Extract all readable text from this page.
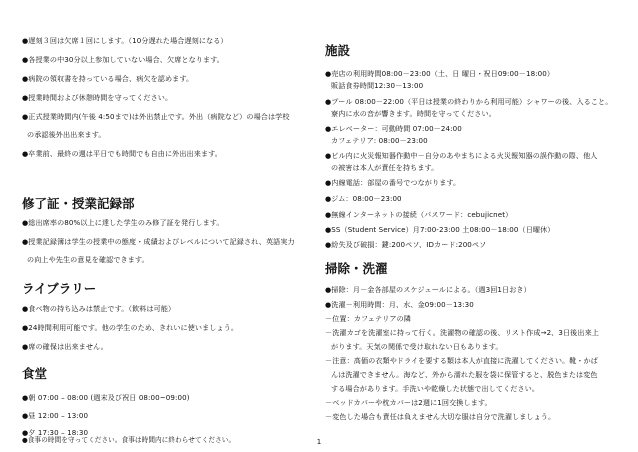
●遅刻３回は欠席１回にします。（10分遅れた場合遅刻になる）
●各授業の中30分以上参加していない場合、欠席となります。
●病院の領収書を持っている場合、病欠を認めます。
●授業時間および休憩時間を守ってください。
●正式授業時間内(午後 4:50まで)は外出禁止です。外出（病院など）の場合は学校
の承認後外出出来ます。
●卒業前、最終の週は平日でも時間でも自由に外出出来ます。
修了証・授業記録部
●総出席率の80%以上に達した学生のみ修了証を発行します。
●授業記録簿は学生の授業中の態度・成績およびレベルについて記録され、英語実力
の向上や先生の意見を確認できます。
ライブラリー
●食べ物の持ち込みは禁止です。（飲料は可能）
●24時間利用可能です。他の学生のため、きれいに使いましょう。
●席の確保は出来ません。
食堂
●朝 07:00 – 08:00 (週末及び祝日 08:00~09:00)
●昼 12:00 – 13:00
●夕 17:30 – 18:30
施設
●売店の利用時間08:00－23:00（土、日 曜日・祝日09:00－18:00）
販話食券時間12:30－13:00
●プール 08:00－22:00（平日は授業の終わりから利用可能）シャワーの後、入ること。
寮内に水の音が響きます。時間を守ってください。
●エレベーター：可動時間 07:00－24:00
カフェテリア: 08:00－23:00
●ビル内に火災報知器作動中－自分のあやまちによる火災報知器の誤作動の際、他人
の被害は本人が責任を持ちます。
●内線電話：部屋の番号でつながります。
●ジム：08:00－23:00
●無線インターネットの接続（パスワード：cebujicnet）
●SS（Student Service）月7:00-23:00 土08:00－18:00（日曜休）
●紛失及び破損：鍵:200ペソ、IDカード:200ペソ
掃除・洗濯
●掃除：月－金各部屋のスケジュールによる。（週3回1日おき）
●洗濯－利用時間：月、水、金09:00－13:30
－位置：カフェテリアの隣
－洗濯カゴを洗濯室に持って行く。洗濯物の確認の後、リスト作成→2、3日後出来上
がります。天気の関係で受け取れない日もあります。
－注意：高価の衣類やドライを要する類は本人が直接に洗濯してください。靴・かば
んは洗濯できません。海など、外から濡れた服を袋に保管すると、脱色または変色
する場合があります。手洗いや乾燥した状態で出してください。
－ベッドカバーや枕カバーは2週に1回交換します。
－変色した場合も責任は負えません大切な服は自分で洗濯しましょう。
●食事の時間を守ってください。食事は時間内に終わらせてください。	1
